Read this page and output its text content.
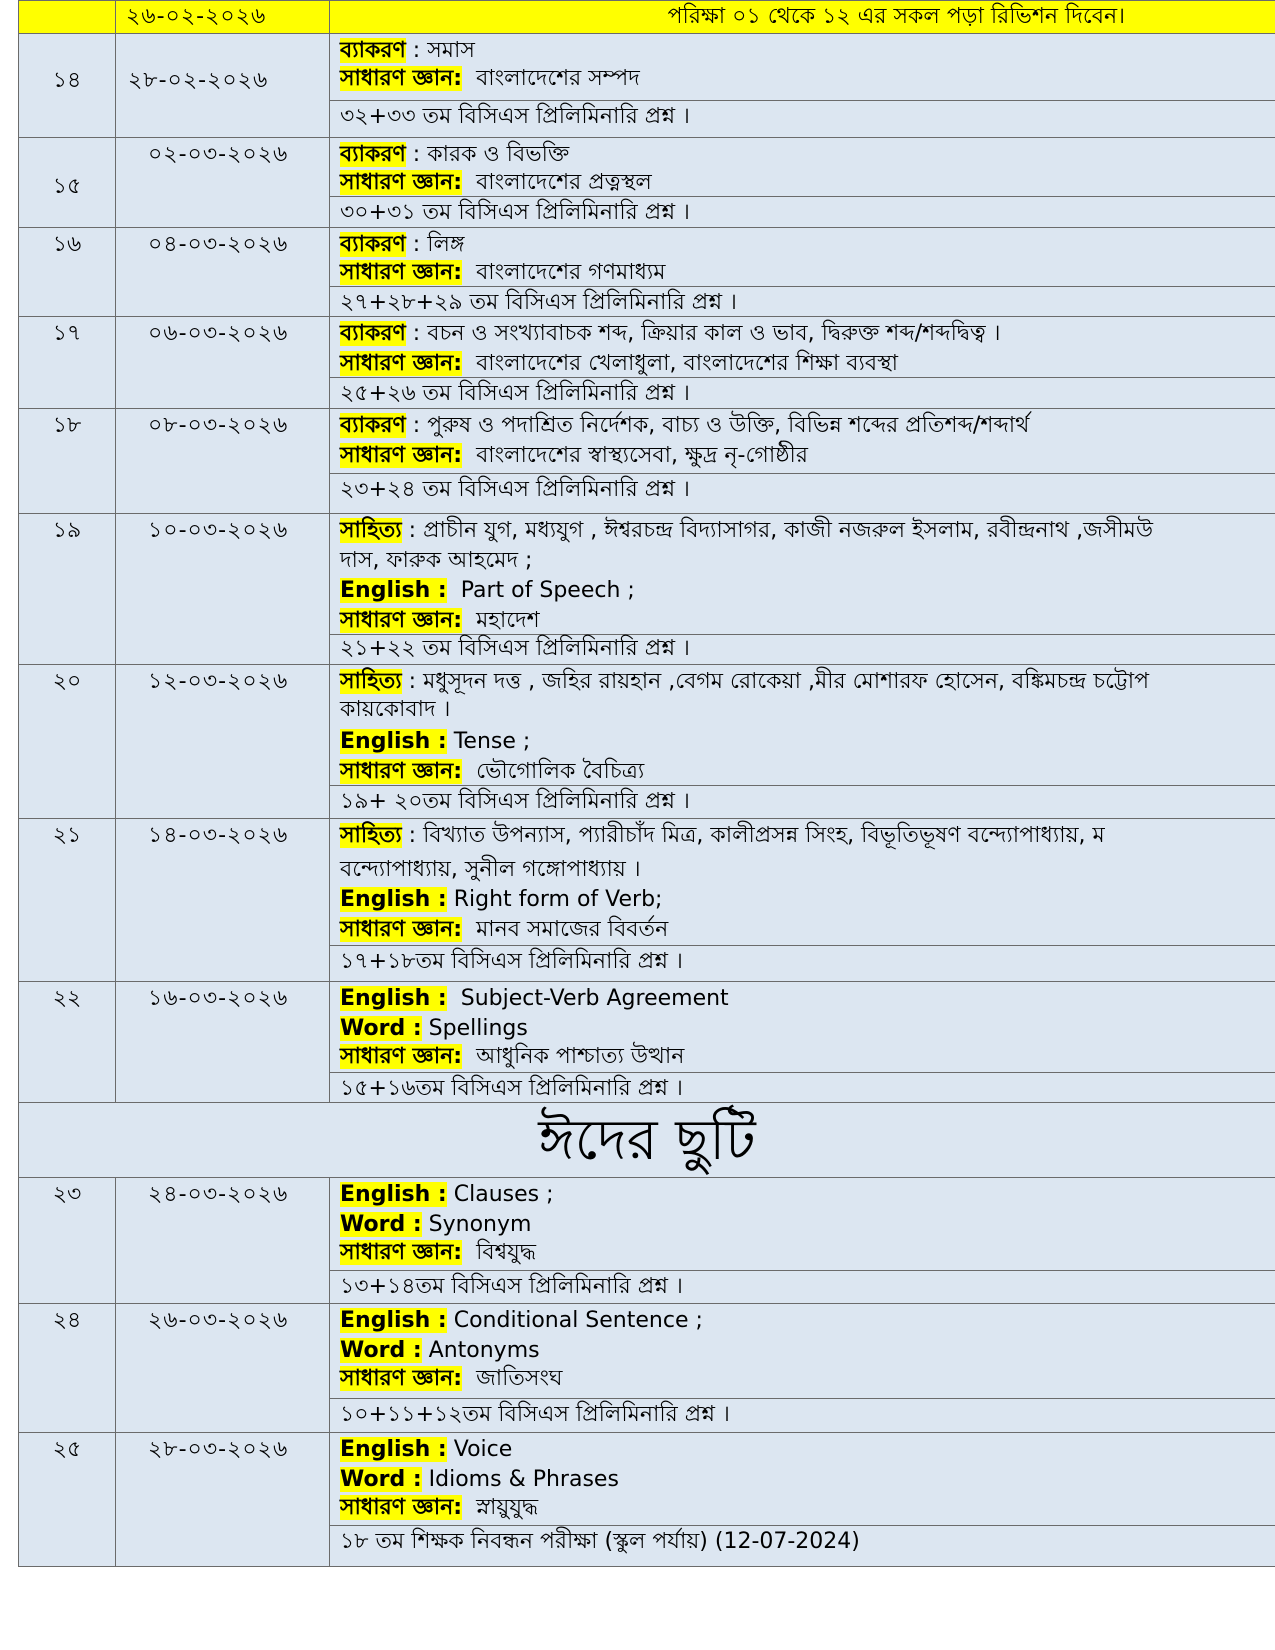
২৬-০২-২০২৬	পরিক্ষা ০১ থেকে ১২ এর সকল পড়া রিভিশন দিবেন।
১৪	২৮-০২-২০২৬
ব্যাকরণ : সমাস
সাধারণ জ্ঞান: বাংলাদেশের সম্পদ
৩২+৩৩ তম বিসিএস প্রিলিমিনারি প্রশ্ন ।
১৫
০২-০৩-২০২৬ ব্যাকরণ : কারক ও বিভক্তি
সাধারণ জ্ঞান: বাংলাদেশের প্রত্নস্থল
৩০+৩১ তম বিসিএস প্রিলিমিনারি প্রশ্ন ।
১৬	০৪-০৩-২০২৬ ব্যাকরণ : লিঙ্গ
সাধারণ জ্ঞান: বাংলাদেশের গণমাধ্যম
২৭+২৮+২৯ তম বিসিএস প্রিলিমিনারি প্রশ্ন ।
১৭	০৬-০৩-২০২৬ ব্যাকরণ : বচন ও সংখ্যাবাচক শব্দ, ক্রিয়ার কাল ও ভাব, দ্বিরুক্ত শব্দ/শব্দদ্বিত্ব ।
সাধারণ জ্ঞান: বাংলাদেশের খেলাধুলা, বাংলাদেশের শিক্ষা ব্যবস্থা
২৫+২৬ তম বিসিএস প্রিলিমিনারি প্রশ্ন ।
১৮	০৮-০৩-২০২৬ ব্যাকরণ : পুরুষ ও পদাশ্রিত নির্দেশক, বাচ্য ও উক্তি, বিভিন্ন শব্দের প্রতিশব্দ/শব্দার্থ
সাধারণ জ্ঞান: বাংলাদেশের স্বাস্থ্যসেবা, ক্ষুদ্র নৃ-গোষ্ঠীর
২৩+২৪ তম বিসিএস প্রিলিমিনারি প্রশ্ন ।
১৯	১০-০৩-২০২৬ সাহিত্য : প্রাচীন যুগ, মধ্যযুগ , ঈশ্বরচন্দ্র বিদ্যাসাগর, কাজী নজরুল ইসলাম, রবীন্দ্রনাথ ,জসীমউ
দাস, ফারুক আহমেদ ;
English : Part of Speech ;
সাধারণ জ্ঞান: মহাদেশ
২১+২২ তম বিসিএস প্রিলিমিনারি প্রশ্ন ।
২০	১২-০৩-২০২৬ সাহিত্য : মধুসূদন দত্ত , জহির রায়হান ,বেগম রোকেয়া ,মীর মোশারফ হোসেন, বঙ্কিমচন্দ্র চট্টোপ
কায়কোবাদ ।
English : Tense ;
সাধারণ জ্ঞান: ভৌগোলিক বৈচিত্র্য
১৯+ ২০তম বিসিএস প্রিলিমিনারি প্রশ্ন ।
২১	১৪-০৩-২০২৬ সাহিত্য : বিখ্যাত উপন্যাস, প্যারীচাঁদ মিত্র, কালীপ্রসন্ন সিংহ, বিভূতিভূষণ বন্দ্যোপাধ্যায়, ম
বন্দ্যোপাধ্যায়, সুনীল গঙ্গোপাধ্যায় ।
English : Right form of Verb;
সাধারণ জ্ঞান: মানব সমাজের বিবর্তন
১৭+১৮তম বিসিএস প্রিলিমিনারি প্রশ্ন ।
২২	১৬-০৩-২০২৬ English : Subject-Verb Agreement
Word : Spellings
সাধারণ জ্ঞান: আধুনিক পাশ্চাত্য উত্থান
১৫+১৬তম বিসিএস প্রিলিমিনারি প্রশ্ন ।
ঈদের ছুটি
২৩	২৪-০৩-২০২৬ English : Clauses ;
Word : Synonym
সাধারণ জ্ঞান: বিশ্বযুদ্ধ
১৩+১৪তম বিসিএস প্রিলিমিনারি প্রশ্ন ।
২৪	২৬-০৩-২০২৬ English : Conditional Sentence ;
Word : Antonyms
সাধারণ জ্ঞান: জাতিসংঘ
১০+১১+১২তম বিসিএস প্রিলিমিনারি প্রশ্ন ।
২৫	২৮-০৩-২০২৬ English : Voice
Word : Idioms & Phrases
সাধারণ জ্ঞান: স্নায়ুযুদ্ধ
১৮ তম শিক্ষক নিবন্ধন পরীক্ষা (স্কুল পর্যায়) (12-07-2024)
